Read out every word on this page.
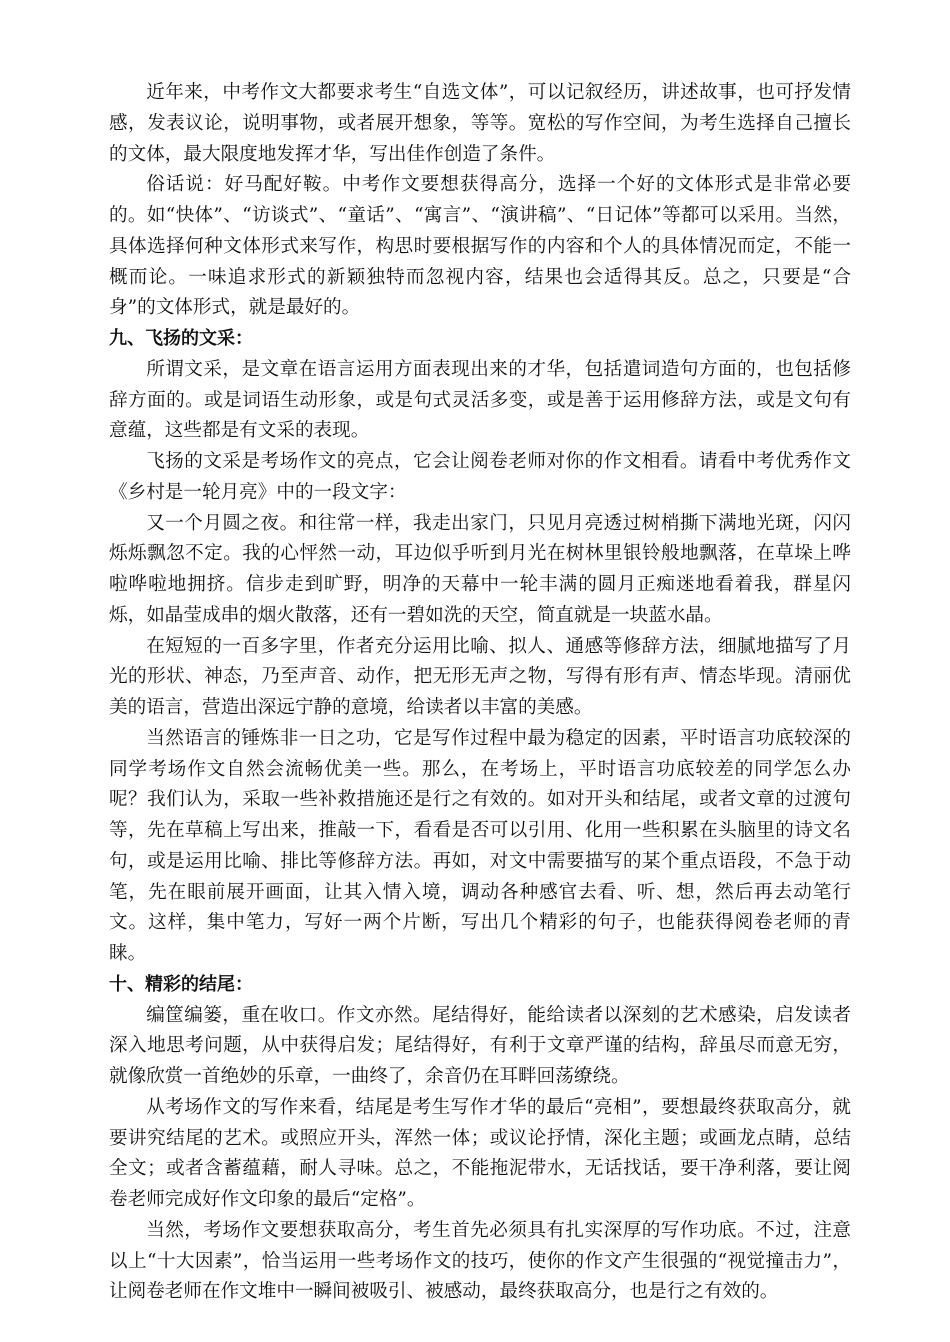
近年来，中考作文大都要求考生“自选文体”，可以记叙经历，讲述故事，也可抒发情感，发表议论，说明事物，或者展开想象，等等。宽松的写作空间，为考生选择自己擅长的文体，最大限度地发挥才华，写出佳作创造了条件。

俗话说：好马配好鞍。中考作文要想获得高分，选择一个好的文体形式是非常必要的。如“快体”、“访谈式”、“童话”、“寓言”、“演讲稿”、“日记体”等都可以采用。当然，具体选择何种文体形式来写作，构思时要根据写作的内容和个人的具体情况而定，不能一概而论。一味追求形式的新颖独特而忽视内容，结果也会适得其反。总之，只要是“合身”的文体形式，就是最好的。

九、飞扬的文采：

所谓文采，是文章在语言运用方面表现出来的才华，包括遣词造句方面的，也包括修辞方面的。或是词语生动形象，或是句式灵活多变，或是善于运用修辞方法，或是文句有意蕴，这些都是有文采的表现。

飞扬的文采是考场作文的亮点，它会让阅卷老师对你的作文相看。请看中考优秀作文《乡村是一轮月亮》中的一段文字：

又一个月圆之夜。和往常一样，我走出家门，只见月亮透过树梢撕下满地光斑，闪闪烁烁飘忽不定。我的心怦然一动，耳边似乎听到月光在树林里银铃般地飘落，在草垛上哗啦哗啦地拥挤。信步走到旷野，明净的天幕中一轮丰满的圆月正痴迷地看着我，群星闪烁，如晶莹成串的烟火散落，还有一碧如洗的天空，简直就是一块蓝水晶。

在短短的一百多字里，作者充分运用比喻、拟人、通感等修辞方法，细腻地描写了月光的形状、神态，乃至声音、动作，把无形无声之物，写得有形有声、情态毕现。清丽优美的语言，营造出深远宁静的意境，给读者以丰富的美感。

当然语言的锤炼非一日之功，它是写作过程中最为稳定的因素，平时语言功底较深的同学考场作文自然会流畅优美一些。那么，在考场上，平时语言功底较差的同学怎么办呢？我们认为，采取一些补救措施还是行之有效的。如对开头和结尾，或者文章的过渡句等，先在草稿上写出来，推敲一下，看看是否可以引用、化用一些积累在头脑里的诗文名句，或是运用比喻、排比等修辞方法。再如，对文中需要描写的某个重点语段，不急于动笔，先在眼前展开画面，让其入情入境，调动各种感官去看、听、想，然后再去动笔行文。这样，集中笔力，写好一两个片断，写出几个精彩的句子，也能获得阅卷老师的青睐。

十、精彩的结尾：

编筐编篓，重在收口。作文亦然。尾结得好，能给读者以深刻的艺术感染，启发读者深入地思考问题，从中获得启发；尾结得好，有利于文章严谨的结构，辞虽尽而意无穷，就像欣赏一首绝妙的乐章，一曲终了，余音仍在耳畔回荡缭绕。

从考场作文的写作来看，结尾是考生写作才华的最后“亮相”，要想最终获取高分，就要讲究结尾的艺术。或照应开头，浑然一体；或议论抒情，深化主题；或画龙点睛，总结全文；或者含蓄蕴藉，耐人寻味。总之，不能拖泥带水，无话找话，要干净利落，要让阅卷老师完成好作文印象的最后“定格”。

当然，考场作文要想获取高分，考生首先必须具有扎实深厚的写作功底。不过，注意以上“十大因素”，恰当运用一些考场作文的技巧，使你的作文产生很强的“视觉撞击力”，让阅卷老师在作文堆中一瞬间被吸引、被感动，最终获取高分，也是行之有效的。
